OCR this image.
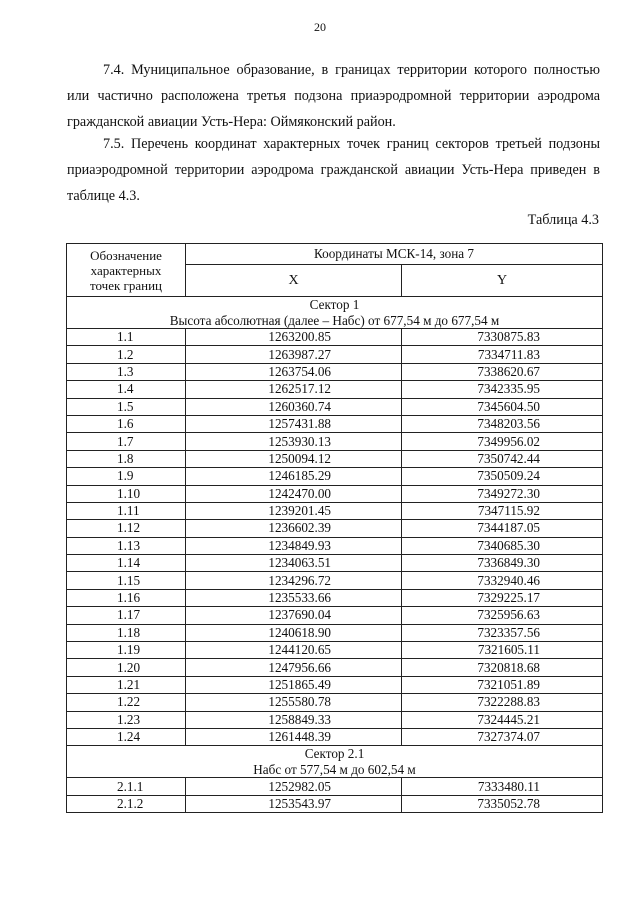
20
7.4. Муниципальное образование, в границах территории которого полностью
или частично расположена третья подзона приаэродромной территории аэродрома
гражданской авиации Усть-Нера: Оймяконский район.
7.5. Перечень координат характерных точек границ секторов третьей подзоны
приаэродромной территории аэродрома гражданской авиации Усть-Нера приведен в
таблице 4.3.
Таблица 4.3
Обозначение
характерных
точек границ	Координаты МСК-14, зона 7	
	X	Y

Сектор 1
Высота абсолютная (далее – Набс) от 677,54 м до 677,54 м		

1.1	1263200.85	7330875.83
1.2	1263987.27	7334711.83
1.3	1263754.06	7338620.67
1.4	1262517.12	7342335.95
1.5	1260360.74	7345604.50
1.6	1257431.88	7348203.56
1.7	1253930.13	7349956.02
1.8	1250094.12	7350742.44
1.9	1246185.29	7350509.24
1.10	1242470.00	7349272.30
1.11	1239201.45	7347115.92
1.12	1236602.39	7344187.05
1.13	1234849.93	7340685.30
1.14	1234063.51	7336849.30
1.15	1234296.72	7332940.46
1.16	1235533.66	7329225.17
1.17	1237690.04	7325956.63
1.18	1240618.90	7323357.56
1.19	1244120.65	7321605.11
1.20	1247956.66	7320818.68
1.21	1251865.49	7321051.89
1.22	1255580.78	7322288.83
1.23	1258849.33	7324445.21
1.24	1261448.39	7327374.07

Сектор 2.1
Набс от 577,54 м до 602,54 м		

2.1.1	1252982.05	7333480.11
2.1.2	1253543.97	7335052.78
